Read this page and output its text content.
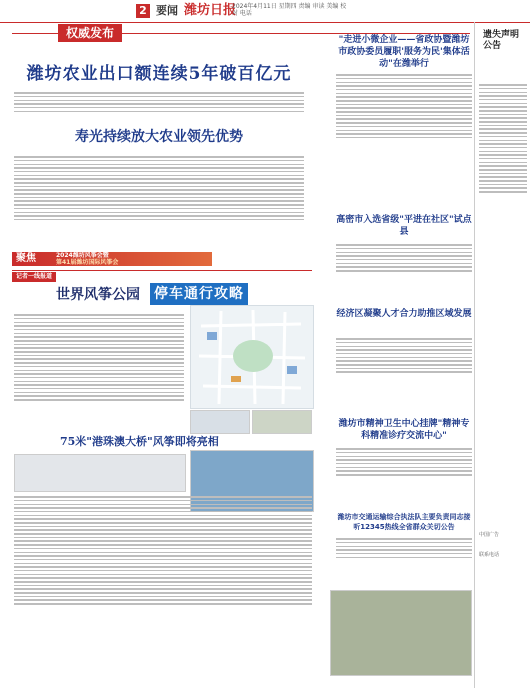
2 要闻 潍坊日报
2024年4月11日 星期四 责编 审读 美编 校对 电话
权威发布
潍坊农业出口额连续5年破百亿元
寿光持续放大农业领先优势
聚焦	2024潍坊风筝会暨
第41届潍坊国际风筝会
记者一线报道
世界风筝公园 停车通行攻略
75米"港珠澳大桥"风筝即将亮相
"走进小微企业——省政协暨潍坊市政协委员履职'服务为民'集体活动"在潍举行
高密市入选省级"平进在社区"试点县
经济区凝聚人才合力助推区域发展
潍坊市精神卫生中心挂牌"精神专科精准诊疗交流中心"
潍坊市交通运输综合执法队主要负责同志接听12345热线全省群众关切公告
遗失声明公告
中国广告
联系电话
